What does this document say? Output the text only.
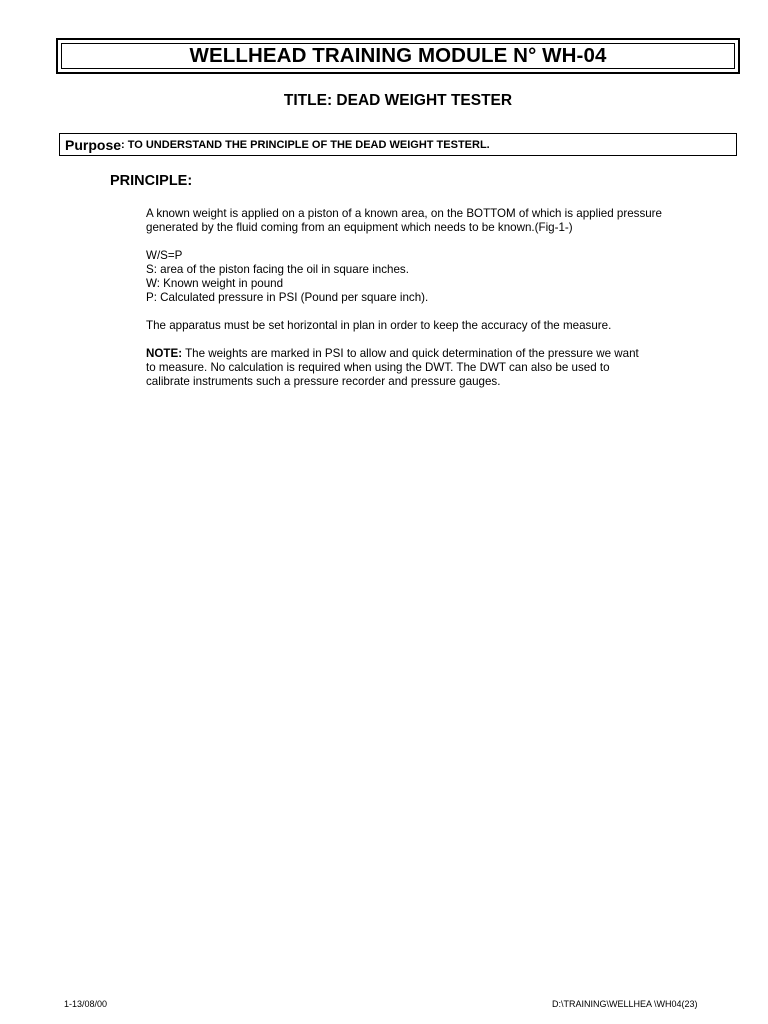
WELLHEAD TRAINING MODULE N° WH-04
TITLE: DEAD WEIGHT TESTER
Purpose : TO UNDERSTAND THE PRINCIPLE OF THE DEAD WEIGHT TESTERL.
PRINCIPLE:

A known weight is applied on a piston of a known area, on the BOTTOM of which is applied pressure

generated by the fluid coming from an equipment which needs to be known.(Fig-1-)

W/S=P

S: area of the piston facing the oil in square inches.

W: Known weight in pound

P: Calculated pressure in PSI (Pound per square inch).

The apparatus must be set horizontal in plan in order to keep the accuracy of the measure.

NOTE: The weights are marked in PSI to allow and quick determination of the pressure we want

to measure. No calculation is required when using the DWT. The DWT can also be used to

calibrate instruments such a pressure recorder and pressure gauges.

1-13/08/00	D:\TRAINING\WELLHEA \WH04(23)
